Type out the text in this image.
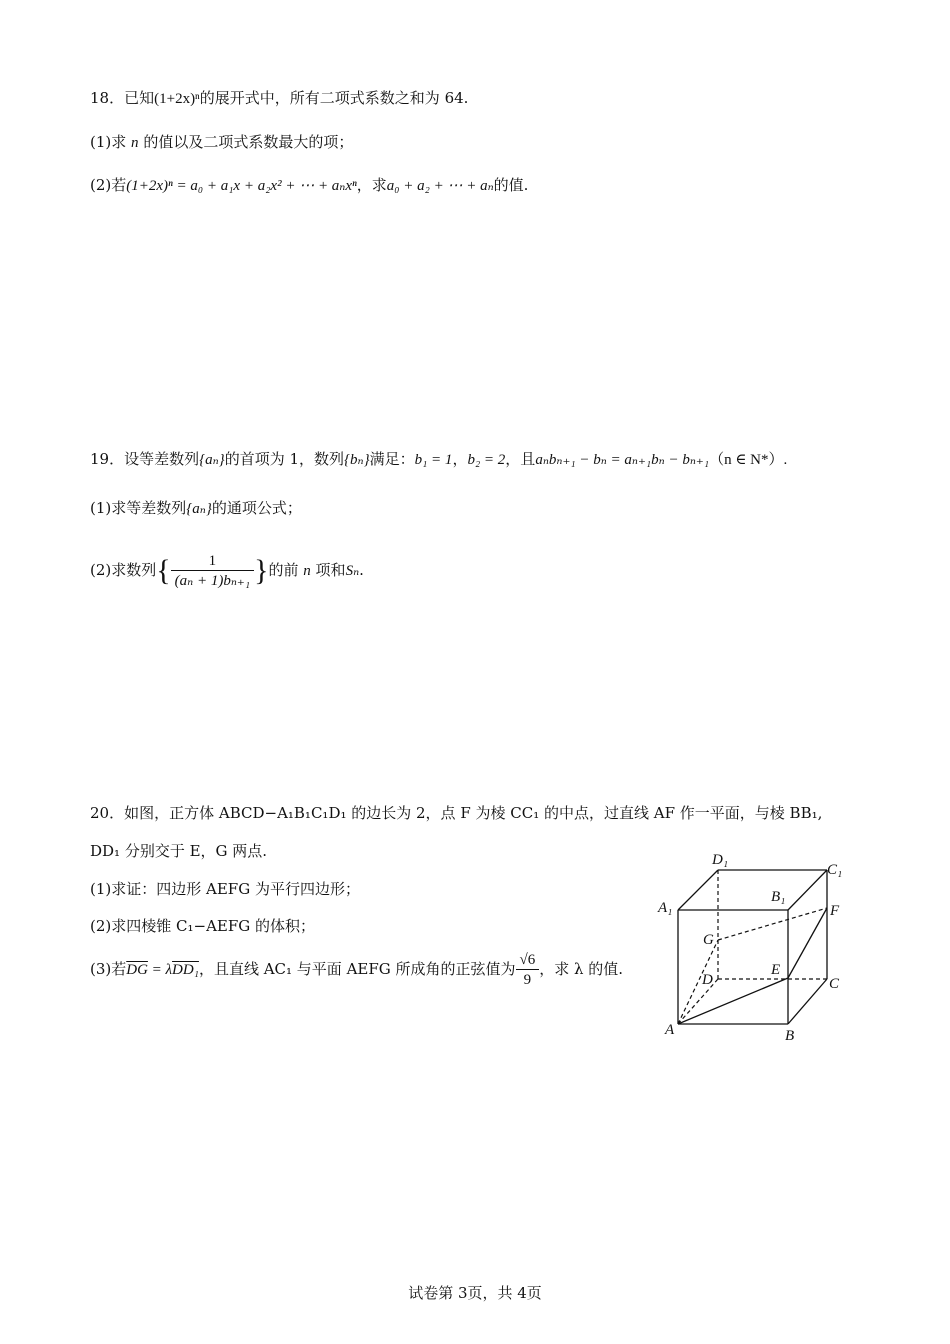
18．已知(1+2x)ⁿ的展开式中，所有二项式系数之和为 64.
(1)求 n 的值以及二项式系数最大的项；
(2)若(1+2x)ⁿ = a₀ + a₁x + a₂x² + ⋯ + aₙxⁿ，求a₀ + a₂ + ⋯ + aₙ的值.
19．设等差数列{aₙ}的首项为 1，数列{bₙ}满足：b₁ = 1，b₂ = 2，且aₙbₙ₊₁ − bₙ = aₙ₊₁bₙ − bₙ₊₁（n ∈ N*）.
(1)求等差数列{aₙ}的通项公式；
(2)求数列{ $\frac{1}{\text{(aₙ + 1)bₙ₊₁}}$ }的前 n 项和Sₙ.
20．如图，正方体 ABCD−A₁B₁C₁D₁ 的边长为 2，点 F 为棱 CC₁ 的中点，过直线 AF 作一平面，与棱 BB₁,
DD₁ 分别交于 E，G 两点.
(1)求证：四边形 AEFG 为平行四边形；
(2)求四棱锥 C₁−AEFG 的体积；
(3)若$\overline{DG} = \lambda DD_1$，且直线 AC₁ 与平面 AEFG 所成角的正弦值为 $\frac{√6}{9}$ ，求 λ 的值.
D₁
C₁
A₁
B₁
F
G
E
D	C
A	B
试卷第 3页，共 4页
